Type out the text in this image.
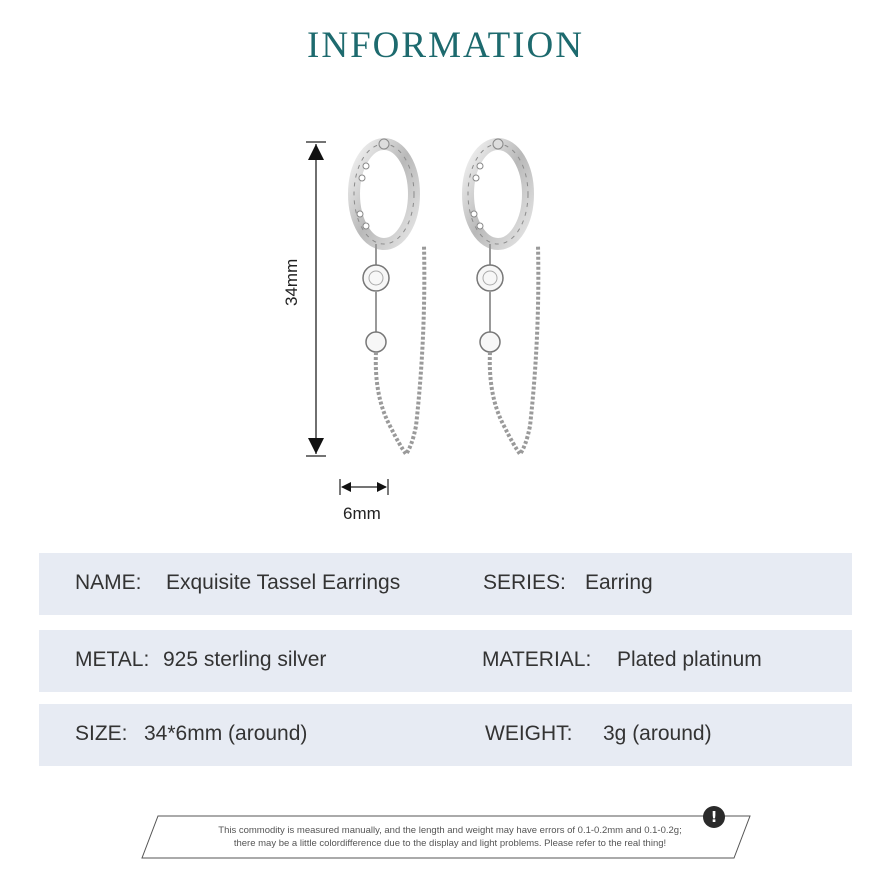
INFORMATION
34mm
6mm
NAME: Exquisite Tassel Earrings	SERIES: Earring
METAL: 925 sterling silver	MATERIAL: Plated platinum
SIZE: 34*6mm (around)	WEIGHT: 3g (around)
This commodity is measured manually, and the length and weight may have errors of 0.1-0.2mm and 0.1-0.2g;
there may be a little colordifference due to the display and light problems. Please refer to the real thing!
!
